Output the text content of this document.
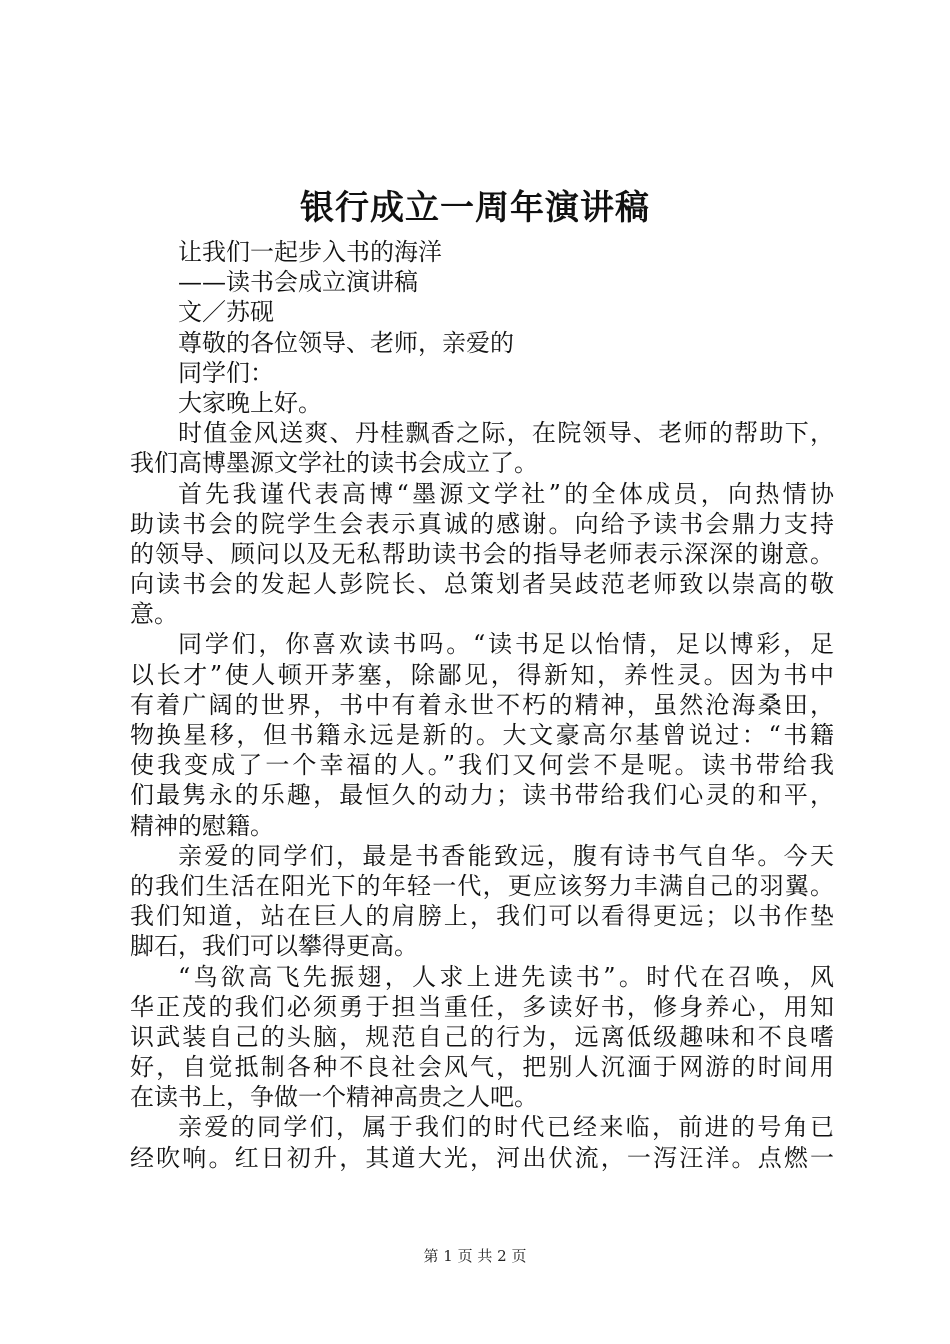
银行成立一周年演讲稿
让我们一起步入书的海洋
——读书会成立演讲稿
文／苏砚
尊敬的各位领导、老师，亲爱的
同学们：
大家晚上好。
时值金风送爽、丹桂飘香之际，在院领导、老师的帮助下，
我们高博墨源文学社的读书会成立了。
首先我谨代表高博“墨源文学社”的全体成员，向热情协
助读书会的院学生会表示真诚的感谢。向给予读书会鼎力支持
的领导、顾问以及无私帮助读书会的指导老师表示深深的谢意。
向读书会的发起人彭院长、总策划者吴歧范老师致以崇高的敬
意。
同学们，你喜欢读书吗。“读书足以怡情，足以博彩，足
以长才”使人顿开茅塞，除鄙见，得新知，养性灵。因为书中
有着广阔的世界，书中有着永世不朽的精神，虽然沧海桑田，
物换星移，但书籍永远是新的。大文豪高尔基曾说过：“书籍
使我变成了一个幸福的人。”我们又何尝不是呢。读书带给我
们最隽永的乐趣，最恒久的动力；读书带给我们心灵的和平，
精神的慰籍。
亲爱的同学们，最是书香能致远，腹有诗书气自华。今天
的我们生活在阳光下的年轻一代，更应该努力丰满自己的羽翼。
我们知道，站在巨人的肩膀上，我们可以看得更远；以书作垫
脚石，我们可以攀得更高。
“鸟欲高飞先振翅，人求上进先读书”。时代在召唤，风
华正茂的我们必须勇于担当重任，多读好书，修身养心，用知
识武装自己的头脑，规范自己的行为，远离低级趣味和不良嗜
好，自觉抵制各种不良社会风气，把别人沉湎于网游的时间用
在读书上，争做一个精神高贵之人吧。
亲爱的同学们，属于我们的时代已经来临，前进的号角已
经吹响。红日初升，其道大光，河出伏流，一泻汪洋。点燃一
第 1 页 共 2 页
